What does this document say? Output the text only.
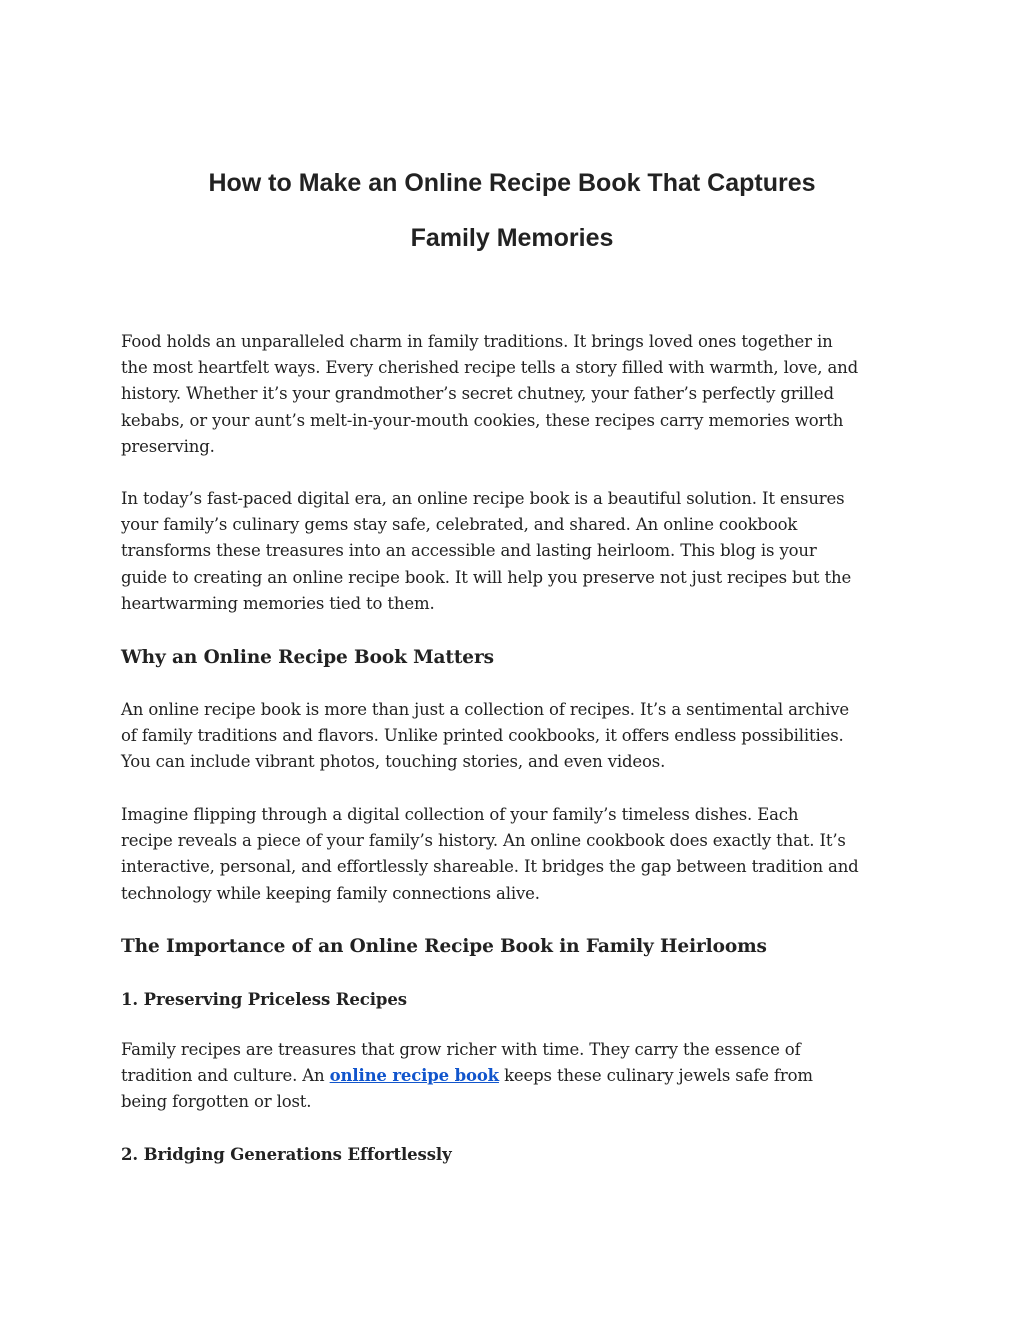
How to Make an Online Recipe Book That Captures
Family Memories

Food holds an unparalleled charm in family traditions. It brings loved ones together in
the most heartfelt ways. Every cherished recipe tells a story filled with warmth, love, and
history. Whether it’s your grandmother’s secret chutney, your father’s perfectly grilled
kebabs, or your aunt’s melt-in-your-mouth cookies, these recipes carry memories worth
preserving.

In today’s fast-paced digital era, an online recipe book is a beautiful solution. It ensures
your family’s culinary gems stay safe, celebrated, and shared. An online cookbook
transforms these treasures into an accessible and lasting heirloom. This blog is your
guide to creating an online recipe book. It will help you preserve not just recipes but the
heartwarming memories tied to them.

Why an Online Recipe Book Matters

An online recipe book is more than just a collection of recipes. It’s a sentimental archive
of family traditions and flavors. Unlike printed cookbooks, it offers endless possibilities.
You can include vibrant photos, touching stories, and even videos.

Imagine flipping through a digital collection of your family’s timeless dishes. Each
recipe reveals a piece of your family’s history. An online cookbook does exactly that. It’s
interactive, personal, and effortlessly shareable. It bridges the gap between tradition and
technology while keeping family connections alive.

The Importance of an Online Recipe Book in Family Heirlooms
1. Preserving Priceless Recipes

Family recipes are treasures that grow richer with time. They carry the essence of
tradition and culture. An online recipe book keeps these culinary jewels safe from
being forgotten or lost.

2. Bridging Generations Effortlessly
